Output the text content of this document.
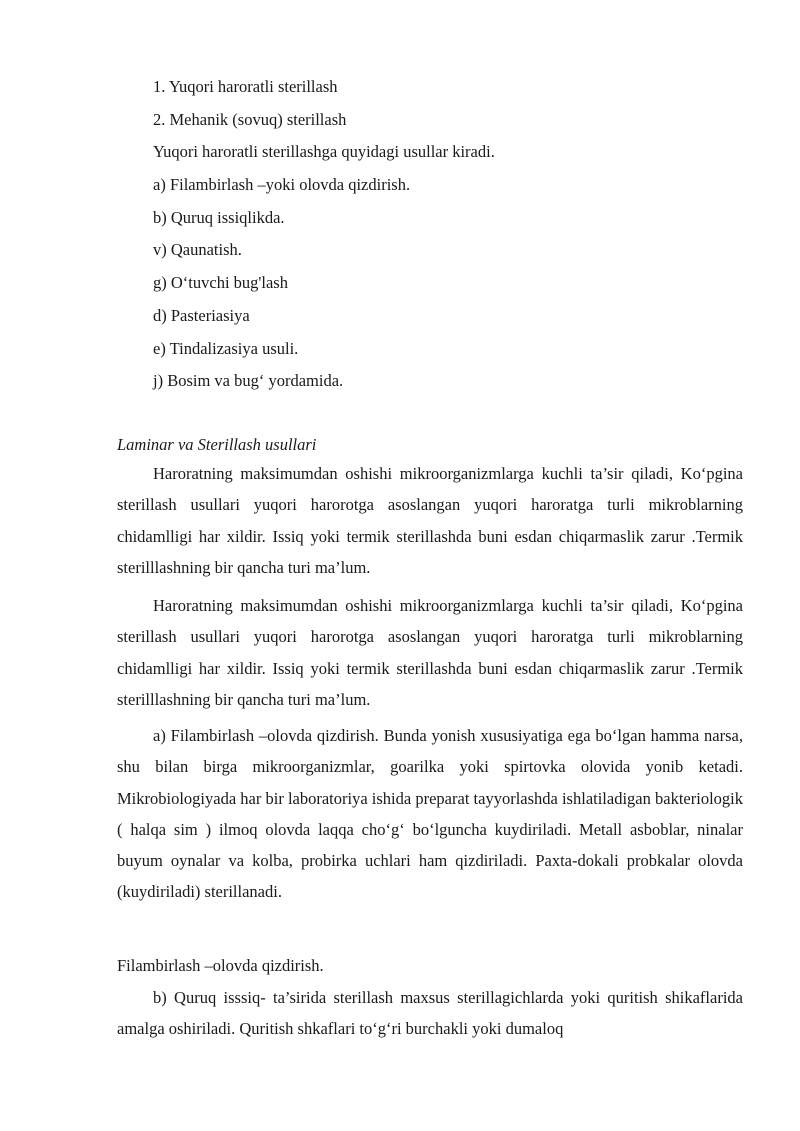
1. Yuqori haroratli sterillash
2. Mehanik (sovuq) sterillash
Yuqori haroratli sterillashga quyidagi usullar kiradi.
a) Filambirlash –yoki olovda qizdirish.
b) Quruq issiqlikda.
v) Qaunatish.
g) O‘tuvchi bug'lash
d) Pasteriasiya
e) Tindalizasiya usuli.
j) Bosim va bug‘ yordamida.
Laminar va Sterillash usullari

Haroratning maksimumdan oshishi mikroorganizmlarga kuchli ta’sir qiladi, Ko‘pgina sterillash usullari yuqori harorotga asoslangan yuqori haroratga turli mikroblarning chidamlligi har xildir. Issiq yoki termik sterillashda buni esdan chiqarmaslik zarur .Termik sterilllashning bir qancha turi ma’lum.

Haroratning maksimumdan oshishi mikroorganizmlarga kuchli ta’sir qiladi, Ko‘pgina sterillash usullari yuqori harorotga asoslangan yuqori haroratga turli mikroblarning chidamlligi har xildir. Issiq yoki termik sterillashda buni esdan chiqarmaslik zarur .Termik sterilllashning bir qancha turi ma’lum.

a) Filambirlash –olovda qizdirish. Bunda yonish xususiyatiga ega bo‘lgan hamma narsa, shu bilan birga mikroorganizmlar, goarilka yoki spirtovka olovida yonib ketadi. Mikrobiologiyada har bir laboratoriya ishida preparat tayyorlashda ishlatiladigan bakteriologik ( halqa sim ) ilmoq olovda laqqa cho‘g‘ bo‘lguncha kuydiriladi. Metall asboblar, ninalar buyum oynalar va kolba, probirka uchlari ham qizdiriladi. Paxta-dokali probkalar olovda (kuydiriladi) sterillanadi.

Filambirlash –olovda qizdirish.

b) Quruq isssiq- ta’sirida sterillash maxsus sterillagichlarda yoki quritish shikaflarida amalga oshiriladi. Quritish shkaflari to‘g‘ri burchakli yoki dumaloq
